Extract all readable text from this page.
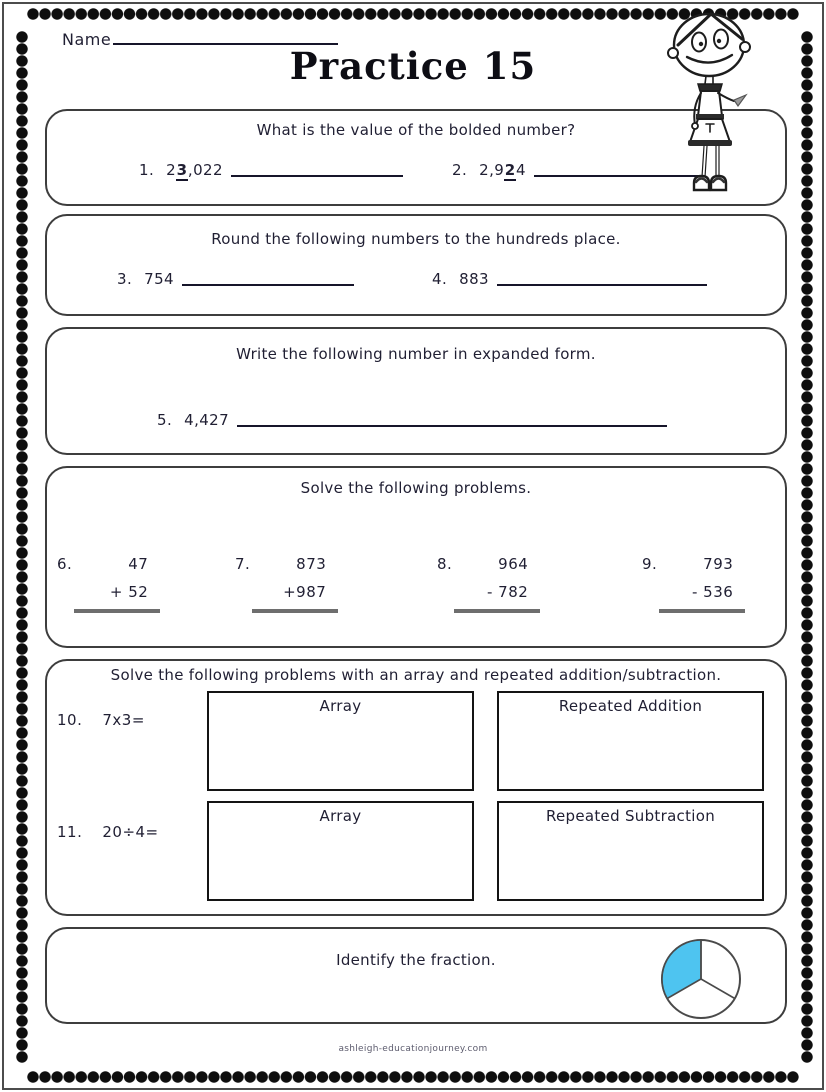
Name
Practice 15
What is the value of the bolded number?
1. 23,022	2. 2,924
Round the following numbers to the hundreds place.
3. 754	4. 883
Write the following number in expanded form.
5. 4,427
Solve the following problems.
6.	47
+ 52
7.	873
+987
8.	964
- 782
9.	793
- 536
Solve the following problems with an array and repeated addition/subtraction.
10. 7x3=
Array	Repeated Addition
11. 20÷4=
Array	Repeated Subtraction
Identify the fraction.
ashleigh-educationjourney.com
